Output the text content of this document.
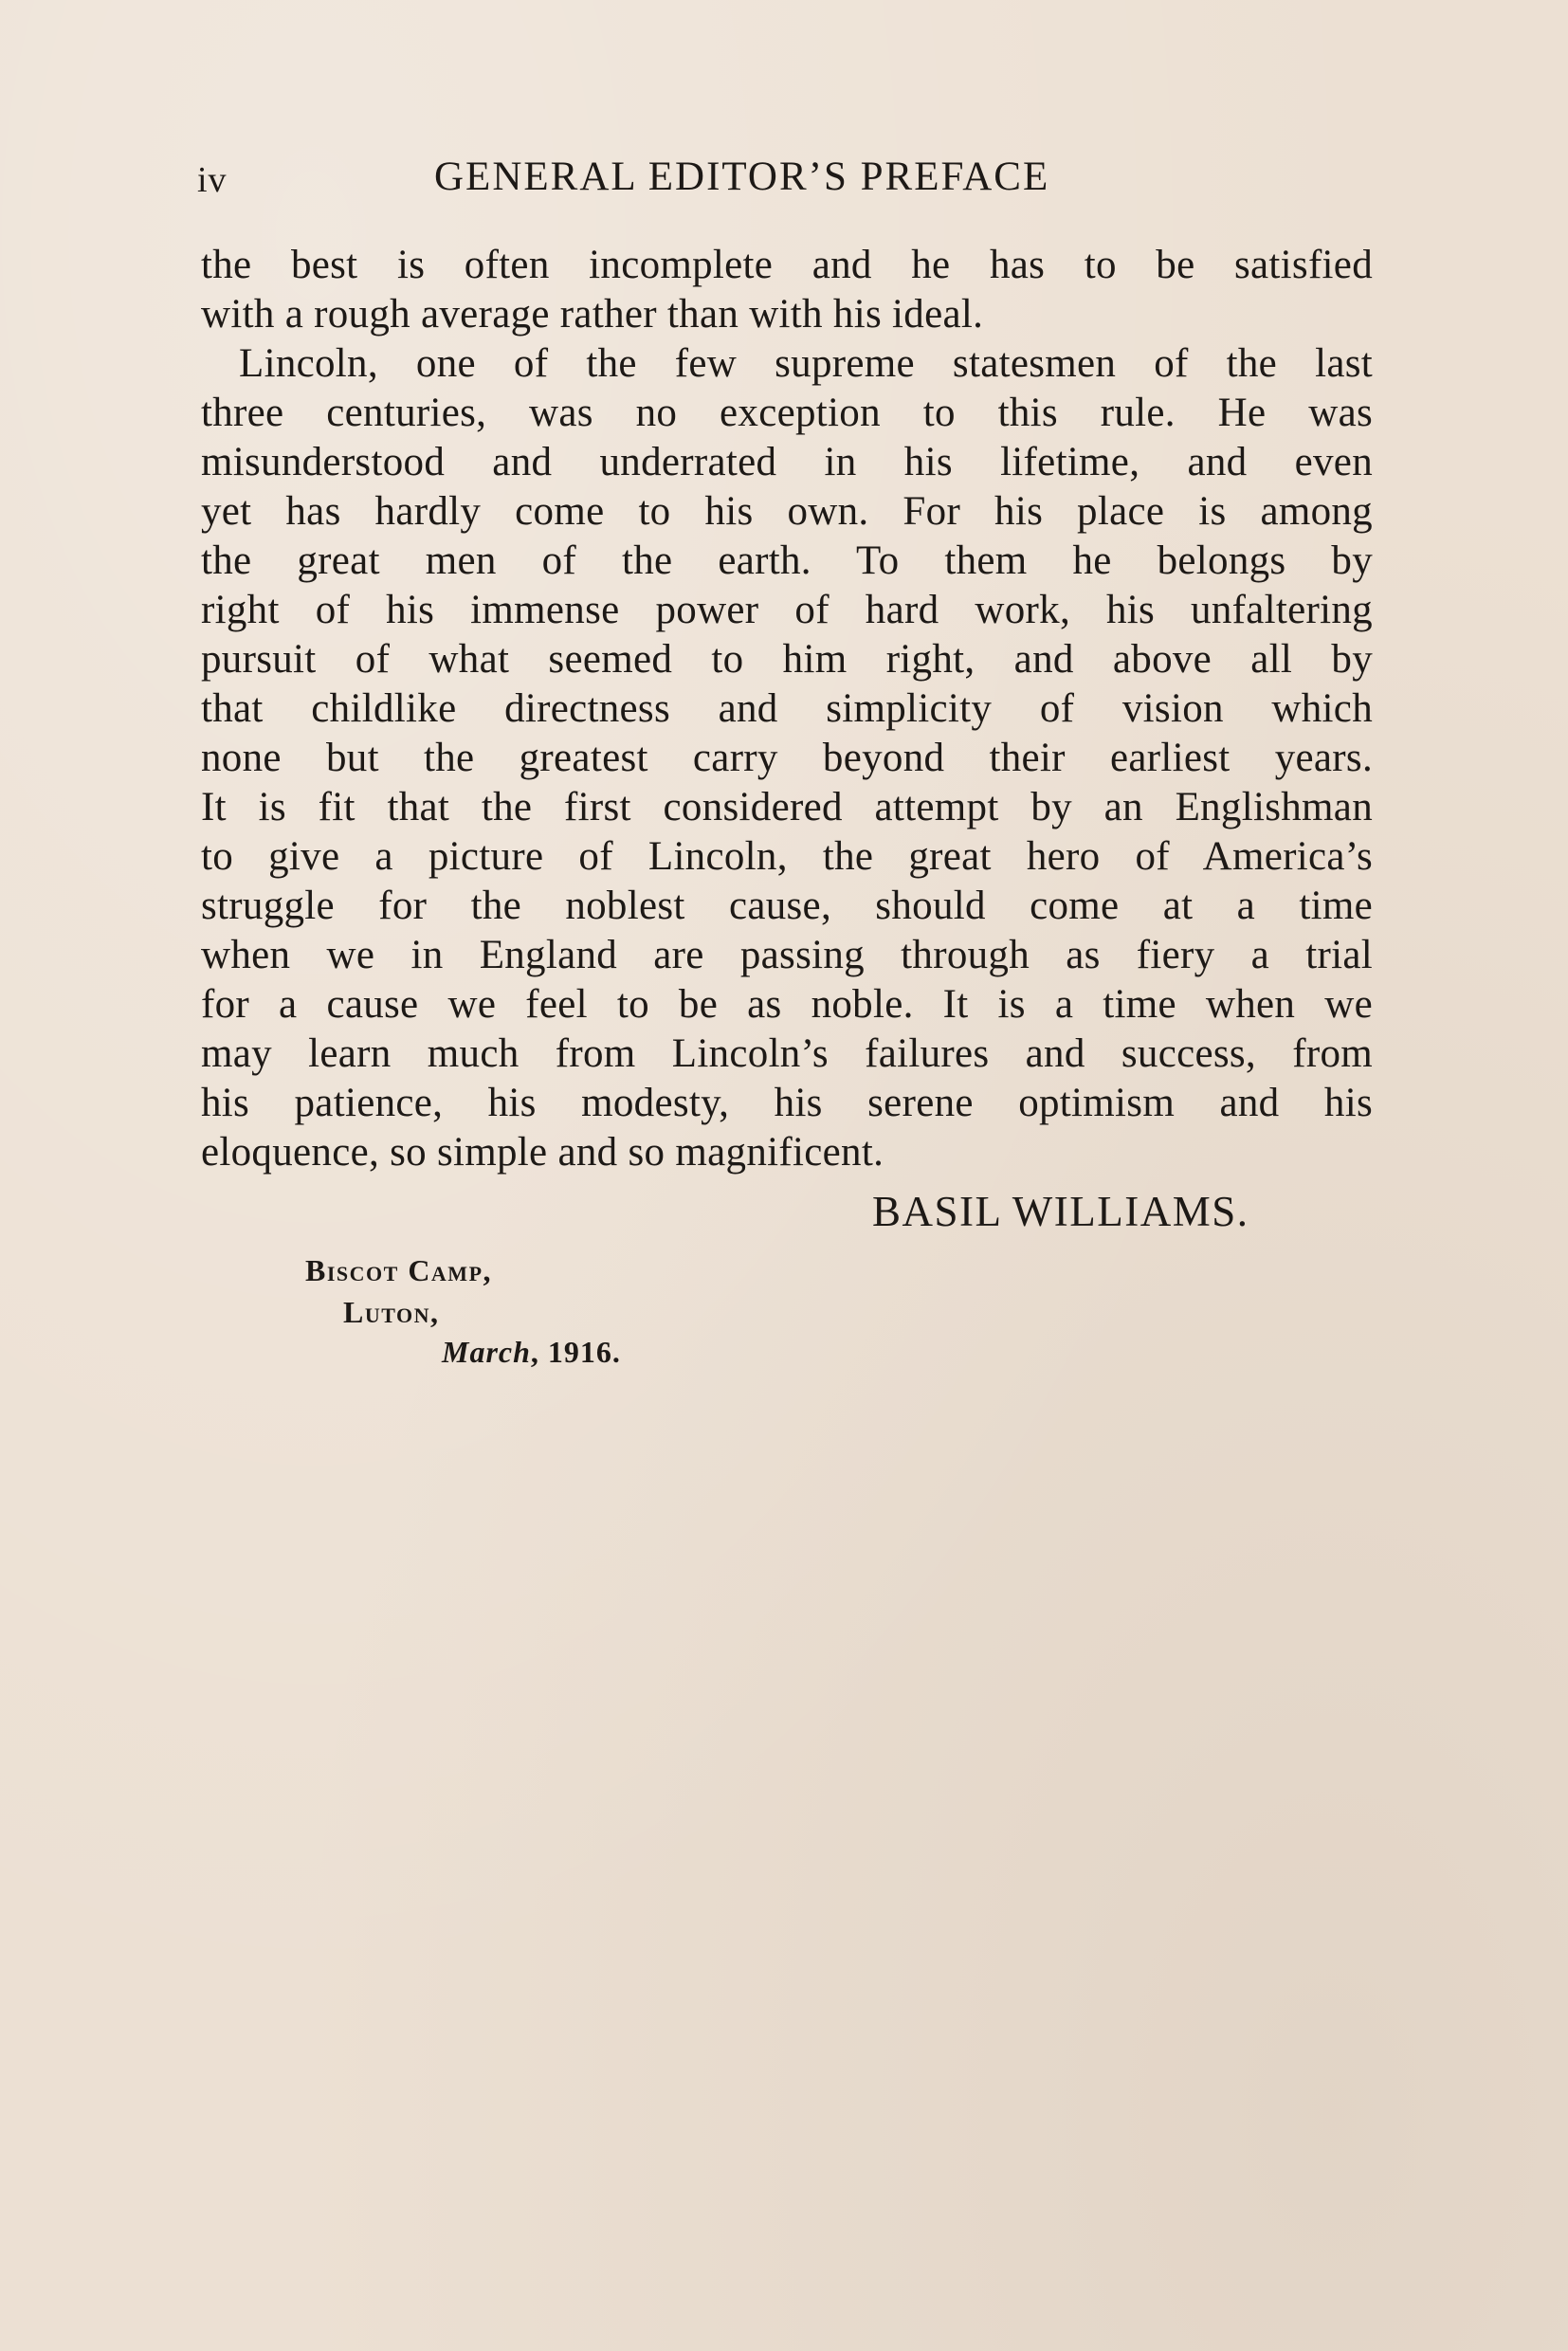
iv	GENERAL EDITOR’S PREFACE
the best is often incomplete and he has to be satisfied
with a rough average rather than with his ideal.
Lincoln, one of the few supreme statesmen of the last
three centuries, was no exception to this rule. He was
misunderstood and underrated in his lifetime, and even
yet has hardly come to his own. For his place is among
the great men of the earth. To them he belongs by
right of his immense power of hard work, his unfaltering
pursuit of what seemed to him right, and above all by
that childlike directness and simplicity of vision which
none but the greatest carry beyond their earliest years.
It is fit that the first considered attempt by an Englishman
to give a picture of Lincoln, the great hero of America’s
struggle for the noblest cause, should come at a time
when we in England are passing through as fiery a trial
for a cause we feel to be as noble. It is a time when we
may learn much from Lincoln’s failures and success, from
his patience, his modesty, his serene optimism and his
eloquence, so simple and so magnificent.
BASIL WILLIAMS.
Biscot Camp,
Luton,
March, 1916.
